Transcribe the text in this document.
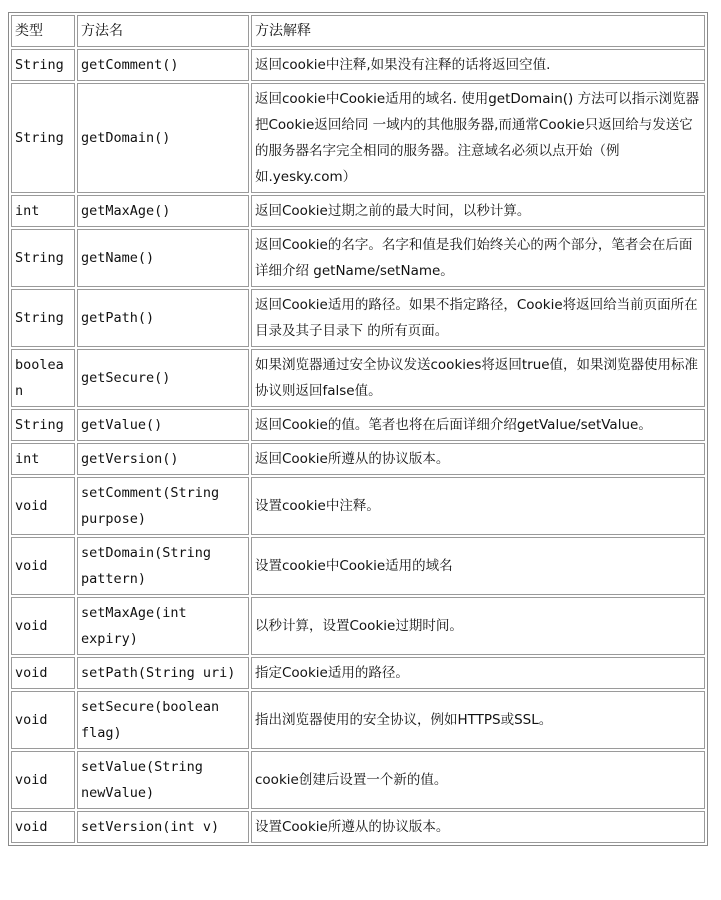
类型	方法名	方法解释
String	getComment()	返回cookie中注释,如果没有注释的话将返回空值.
String	getDomain()	返回cookie中Cookie适用的域名. 使用getDomain() 方法可以指示浏览器把Cookie返回给同 一域内的其他服务器,而通常Cookie只返回给与发送它的服务器名字完全相同的服务器。注意域名必须以点开始（例如.yesky.com）
int	getMaxAge()	返回Cookie过期之前的最大时间，以秒计算。
String	getName()	返回Cookie的名字。名字和值是我们始终关心的两个部分，笔者会在后面详细介绍 getName/setName。
String	getPath()	返回Cookie适用的路径。如果不指定路径，Cookie将返回给当前页面所在目录及其子目录下 的所有页面。
boolean	getSecure()	如果浏览器通过安全协议发送cookies将返回true值，如果浏览器使用标准协议则返回false值。
String	getValue()	返回Cookie的值。笔者也将在后面详细介绍getValue/setValue。
int	getVersion()	返回Cookie所遵从的协议版本。
void	setComment(String purpose)	设置cookie中注释。
void	setDomain(String pattern)	设置cookie中Cookie适用的域名
void	setMaxAge(int expiry)	以秒计算，设置Cookie过期时间。
void	setPath(String uri)	指定Cookie适用的路径。
void	setSecure(boolean flag)	指出浏览器使用的安全协议，例如HTTPS或SSL。
void	setValue(String newValue)	cookie创建后设置一个新的值。
void	setVersion(int v)	设置Cookie所遵从的协议版本。
